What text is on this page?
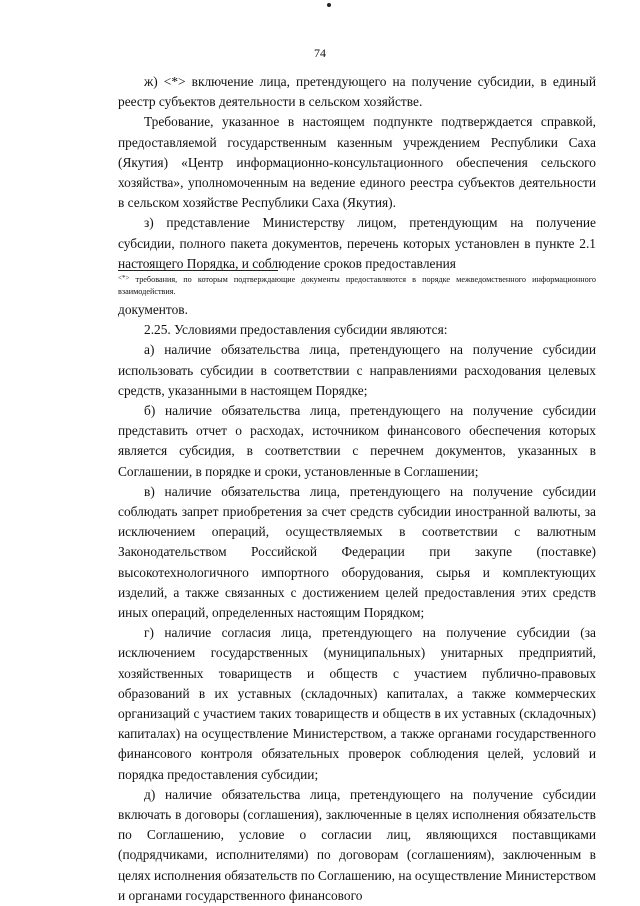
74

ж) <*> включение лица, претендующего на получение субсидии, в единый реестр субъектов деятельности в сельском хозяйстве.

Требование, указанное в настоящем подпункте подтверждается справкой, предоставляемой государственным казенным учреждением Республики Саха (Якутия) «Центр информационно-консультационного обеспечения сельского хозяйства», уполномоченным на ведение единого реестра субъектов деятельности в сельском хозяйстве Республики Саха (Якутия).

з) представление Министерству лицом, претендующим на получение субсидии, полного пакета документов, перечень которых установлен в пункте 2.1 настоящего Порядка, и соблюдение сроков предоставления

<*> требования, по которым подтверждающие документы предоставляются в порядке межведомственного информационного взаимодействия.

документов.

2.25. Условиями предоставления субсидии являются:

а) наличие обязательства лица, претендующего на получение субсидии использовать субсидии в соответствии с направлениями расходования целевых средств, указанными в настоящем Порядке;

б) наличие обязательства лица, претендующего на получение субсидии представить отчет о расходах, источником финансового обеспечения которых является субсидия, в соответствии с перечнем документов, указанных в Соглашении, в порядке и сроки, установленные в Соглашении;

в) наличие обязательства лица, претендующего на получение субсидии соблюдать запрет приобретения за счет средств субсидии иностранной валюты, за исключением операций, осуществляемых в соответствии с валютным Законодательством Российской Федерации при закупе (поставке) высокотехнологичного импортного оборудования, сырья и комплектующих изделий, а также связанных с достижением целей предоставления этих средств иных операций, определенных настоящим Порядком;

г) наличие согласия лица, претендующего на получение субсидии (за исключением государственных (муниципальных) унитарных предприятий, хозяйственных товариществ и обществ с участием публично-правовых образований в их уставных (складочных) капиталах, а также коммерческих организаций с участием таких товариществ и обществ в их уставных (складочных) капиталах) на осуществление Министерством, а также органами государственного финансового контроля обязательных проверок соблюдения целей, условий и порядка предоставления субсидии;

д) наличие обязательства лица, претендующего на получение субсидии включать в договоры (соглашения), заключенные в целях исполнения обязательств по Соглашению, условие о согласии лиц, являющихся поставщиками (подрядчиками, исполнителями) по договорам (соглашениям), заключенным в целях исполнения обязательств по Соглашению, на осуществление Министерством и органами государственного финансового
